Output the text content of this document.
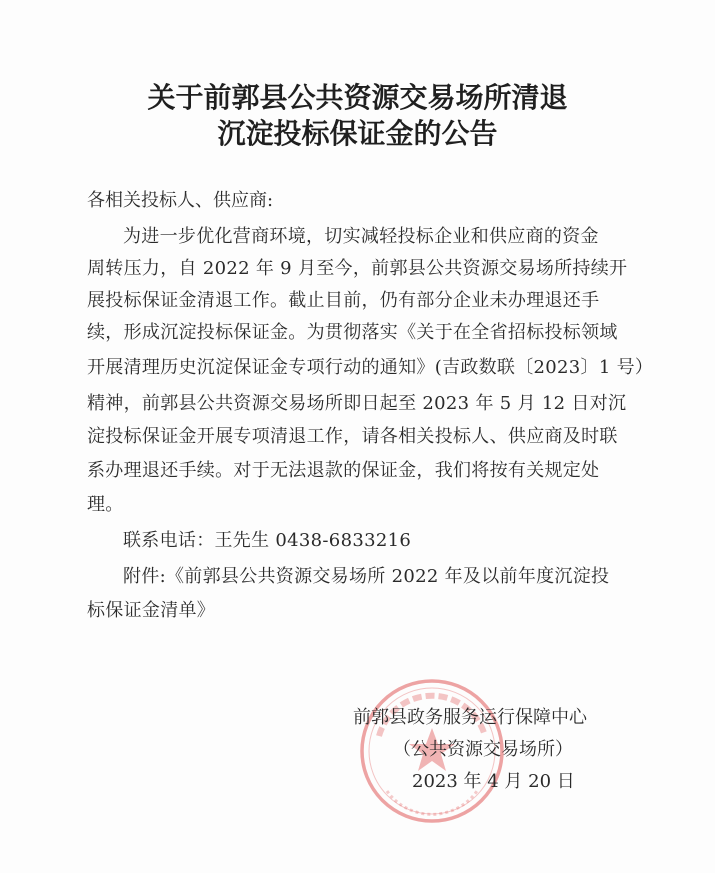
关于前郭县公共资源交易场所清退
沉淀投标保证金的公告
各相关投标人、供应商:
为进一步优化营商环境，切实减轻投标企业和供应商的资金
周转压力，自 2022 年 9 月至今，前郭县公共资源交易场所持续开
展投标保证金清退工作。截止目前，仍有部分企业未办理退还手
续，形成沉淀投标保证金。为贯彻落实《关于在全省招标投标领域
开展清理历史沉淀保证金专项行动的通知》(吉政数联〔2023〕1 号）
精神，前郭县公共资源交易场所即日起至 2023 年 5 月 12 日对沉
淀投标保证金开展专项清退工作，请各相关投标人、供应商及时联
系办理退还手续。对于无法退款的保证金，我们将按有关规定处
理。
联系电话：王先生 0438-6833216
附件:《前郭县公共资源交易场所 2022 年及以前年度沉淀投
标保证金清单》
前郭县政务服务运行保障中心
（公共资源交易场所）
2023 年 4 月 20 日
